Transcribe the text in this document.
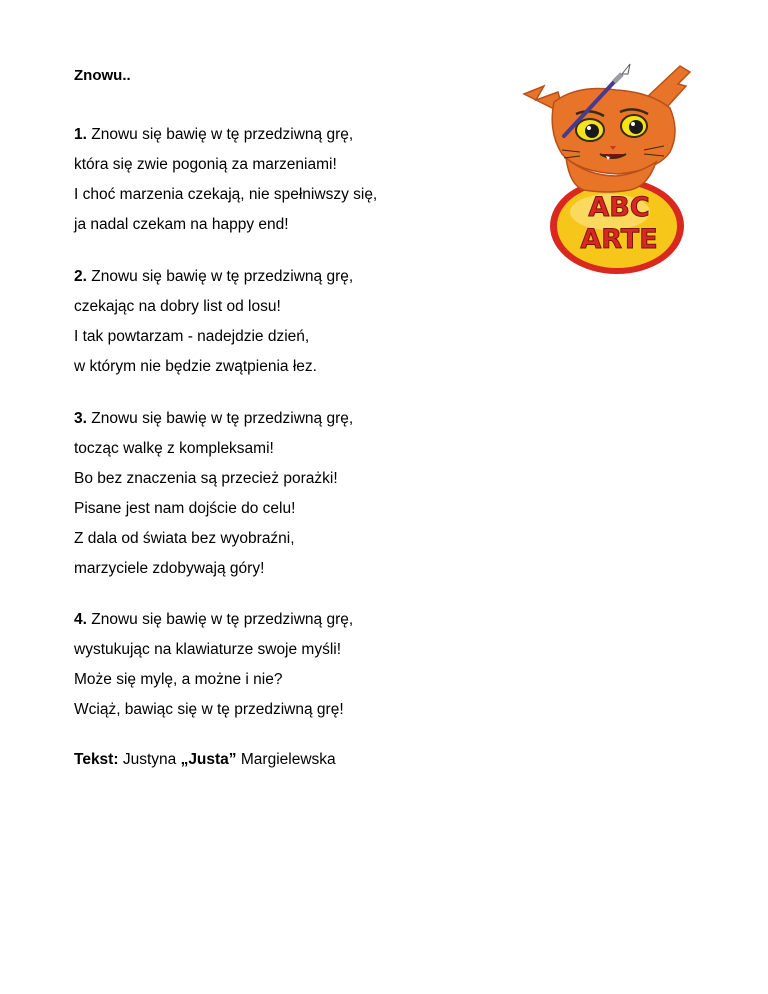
Znowu..
1. Znowu się bawię w tę przedziwną grę,
która się zwie pogonią za marzeniami!
I choć marzenia czekają, nie spełniwszy się,
ja nadal czekam na happy end!
2. Znowu się bawię w tę przedziwną grę,
czekając na dobry list od losu!
I tak powtarzam - nadejdzie dzień,
w którym nie będzie zwątpienia łez.
3. Znowu się bawię w tę przedziwną grę,
tocząc walkę z kompleksami!
Bo bez znaczenia są przecież porażki!
Pisane jest nam dojście do celu!
Z dala od świata bez wyobraźni,
marzyciele zdobywają góry!
4. Znowu się bawię w tę przedziwną grę,
wystukując na klawiaturze swoje myśli!
Może się mylę, a możne i nie?
Wciąż, bawiąc się w tę przedziwną grę!
Tekst: Justyna „Justa” Margielewska
ABC
ARTE
